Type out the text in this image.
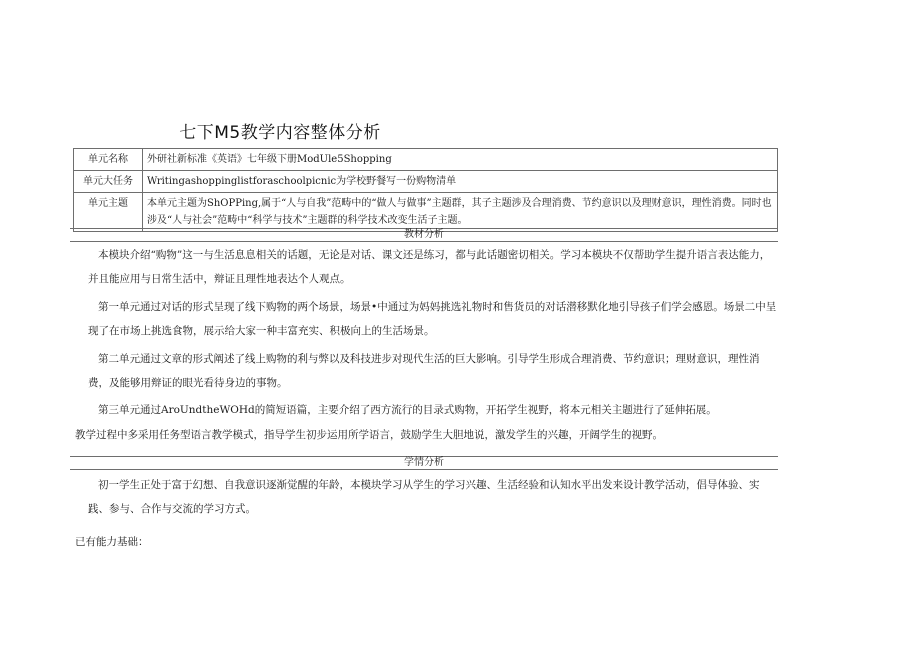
七下M5教学内容整体分析
单元名称	外研社新标准《英语》七年级下册ModUle5Shopping
单元大任务	Writingashoppinglistforaschoolpicnic为学校野餐写一份购物清单
单元主题	本单元主题为ShOPPing,属于“人与自我”范畴中的“做人与做事”主题群，其子主题涉及合理消费、节约意识以及理财意识，理性消费。同时也涉及“人与社会”范畴中“科学与技术”主题群的科学技术改变生活子主题。
教材分析

本模块介绍“购物”这一与生活息息相关的话题，无论是对话、课文还是练习，都与此话题密切相关。学习本模块不仅帮助学生提升语言表达能力，并且能应用与日常生活中，辩证且理性地表达个人观点。

第一单元通过对话的形式呈现了线下购物的两个场景，场景•中通过为妈妈挑选礼物时和售货员的对话潜移默化地引导孩子们学会感恩。场景二中呈现了在市场上挑选食物，展示给大家一种丰富充实、积极向上的生活场景。

第二单元通过文章的形式阐述了线上购物的利与弊以及科技进步对现代生活的巨大影响。引导学生形成合理消费、节约意识；理财意识，理性消费，及能够用辩证的眼光看待身边的事物。

第三单元通过AroUndtheWOHd的简短语篇，主要介绍了西方流行的目录式购物，开拓学生视野，将本元相关主题进行了延伸拓展。

教学过程中多采用任务型语言教学模式，指导学生初步运用所学语言，鼓励学生大胆地说，激发学生的兴趣，开阔学生的视野。

学情分析

初一学生正处于富于幻想、自我意识逐渐觉醒的年龄，本模块学习从学生的学习兴趣、生活经验和认知水平出发来设计教学活动，倡导体验、实践、参与、合作与交流的学习方式。

已有能力基础：
